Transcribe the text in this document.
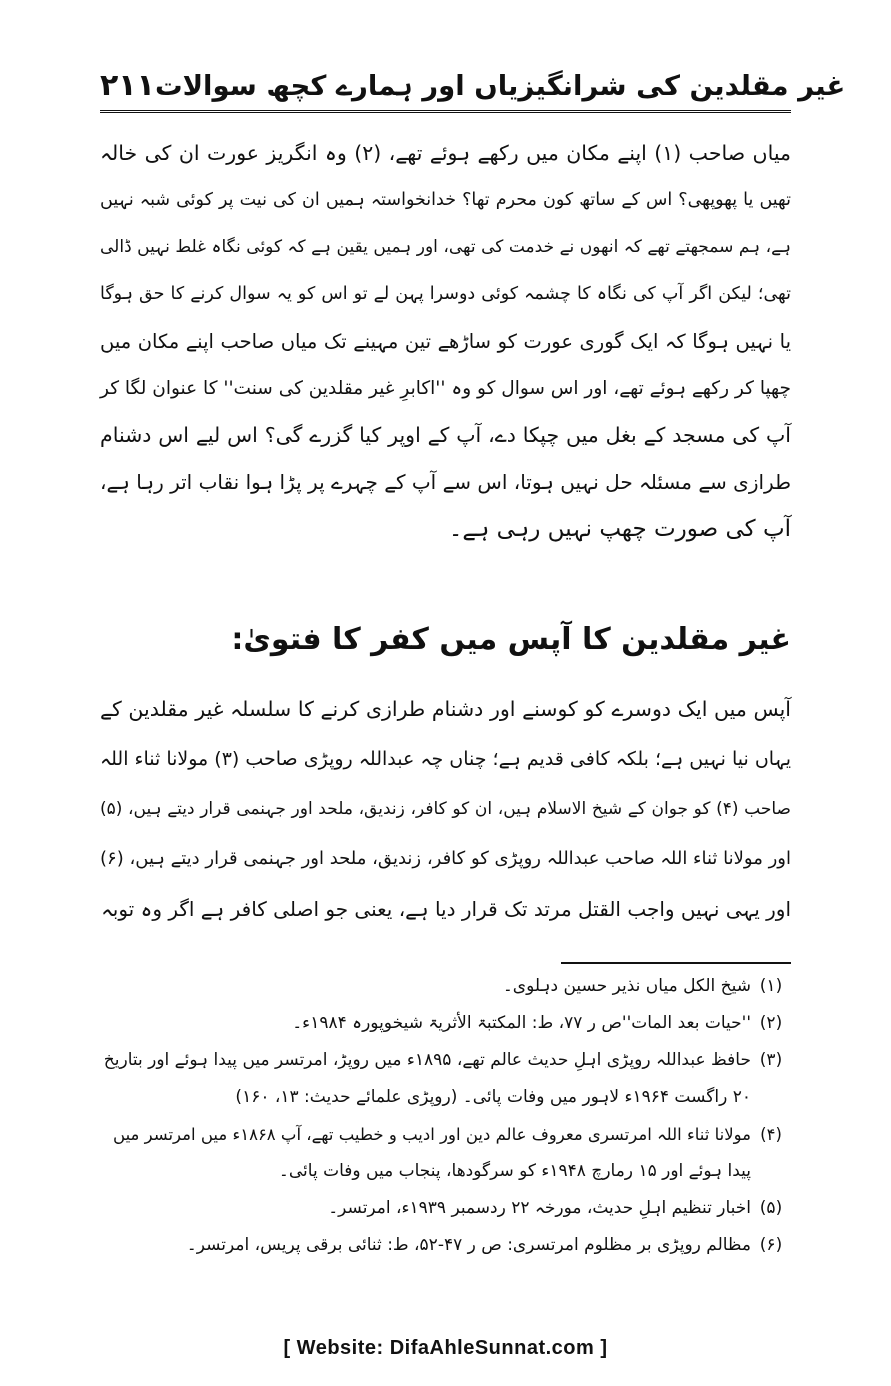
۲۱۱ غیر مقلدین کی شرانگیزیاں اور ہمارے کچھ سوالات
میاں صاحب (۱) اپنے مکان میں رکھے ہوئے تھے، (۲) وہ انگریز عورت ان کی خالہ
تھیں یا پھوپھی؟ اس کے ساتھ کون محرم تھا؟ خدانخواستہ ہمیں ان کی نیت پر کوئی شبہ نہیں
ہے، ہم سمجھتے تھے کہ انھوں نے خدمت کی تھی، اور ہمیں یقین ہے کہ کوئی نگاہ غلط نہیں ڈالی
تھی؛ لیکن اگر آپ کی نگاہ کا چشمہ کوئی دوسرا پہن لے تو اس کو یہ سوال کرنے کا حق ہوگا
یا نہیں ہوگا کہ ایک گوری عورت کو ساڑھے تین مہینے تک میاں صاحب اپنے مکان میں
چھپا کر رکھے ہوئے تھے، اور اس سوال کو وہ ''اکابرِ غیر مقلدین کی سنت'' کا عنوان لگا کر
آپ کی مسجد کے بغل میں چپکا دے، آپ کے اوپر کیا گزرے گی؟ اس لیے اس دشنام
طرازی سے مسئلہ حل نہیں ہوتا، اس سے آپ کے چہرے پر پڑا ہوا نقاب اتر رہا ہے،
آپ کی صورت چھپ نہیں رہی ہے۔
غیر مقلدین کا آپس میں کفر کا فتویٰ:
آپس میں ایک دوسرے کو کوسنے اور دشنام طرازی کرنے کا سلسلہ غیر مقلدین کے
یہاں نیا نہیں ہے؛ بلکہ کافی قدیم ہے؛ چناں چہ عبداللہ روپڑی صاحب (۳) مولانا ثناء اللہ
صاحب (۴) کو جوان کے شیخ الاسلام ہیں، ان کو کافر، زندیق، ملحد اور جہنمی قرار دیتے ہیں، (۵)
اور مولانا ثناء اللہ صاحب عبداللہ روپڑی کو کافر، زندیق، ملحد اور جہنمی قرار دیتے ہیں، (۶)
اور یہی نہیں واجب القتل مرتد تک قرار دیا ہے، یعنی جو اصلی کافر ہے اگر وہ توبہ
(۱)شیخ الکل میاں نذیر حسین دہلوی۔
(۲)''حیات بعد المات''ص ر ۷۷، ط: المکتبۃ الأثریۃ شیخوپورہ ۱۹۸۴ء۔
(۳)حافظ عبداللہ روپڑی اہلِ حدیث عالم تھے، ۱۸۹۵ء میں روپڑ، امرتسر میں پیدا ہوئے اور بتاریخ
۲۰ راگست ۱۹۶۴ء لاہور میں وفات پائی۔ (روپڑی علمائے حدیث: ۱۳، ۱۶۰)
(۴)مولانا ثناء اللہ امرتسری معروف عالم دین اور ادیب و خطیب تھے، آپ ۱۸۶۸ء میں امرتسر میں
پیدا ہوئے اور ۱۵ رمارچ ۱۹۴۸ء کو سرگودھا، پنجاب میں وفات پائی۔
(۵)اخبار تنظیم اہلِ حدیث، مورخہ ۲۲ ردسمبر ۱۹۳۹ء، امرتسر۔
(۶)مظالم روپڑی بر مظلوم امرتسری: ص ر ۴۷-۵۲، ط: ثنائی برقی پریس، امرتسر۔
[ Website: DifaAhleSunnat.com ]
